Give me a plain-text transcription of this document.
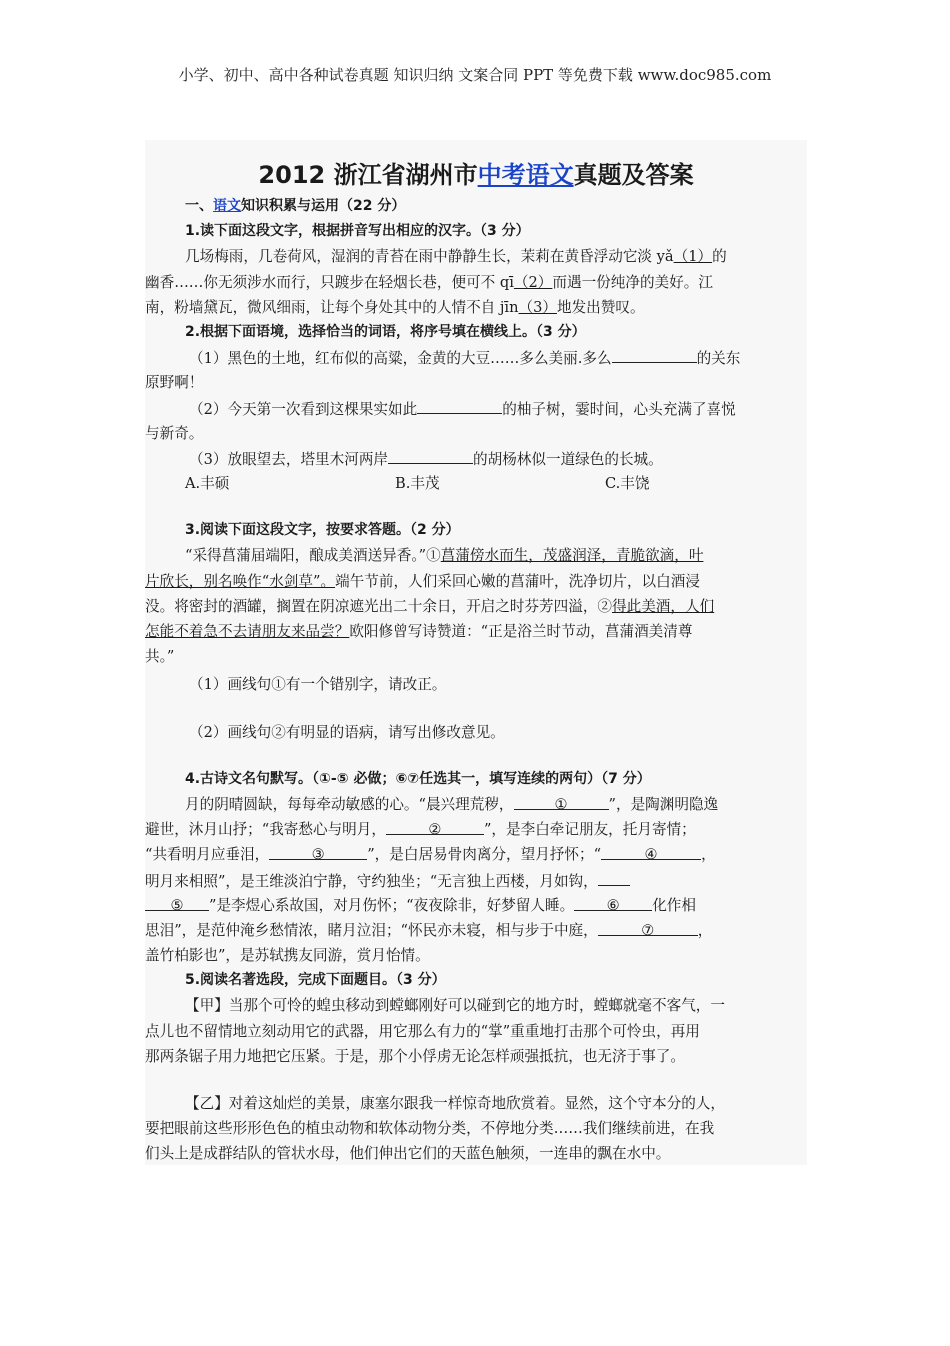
小学、初中、高中各种试卷真题 知识归纳 文案合同 PPT 等免费下载 www.doc985.com
2012 浙江省湖州市中考语文真题及答案
一、语文知识积累与运用（22 分）
1.读下面这段文字，根据拼音写出相应的汉字。（3 分）
几场梅雨，几卷荷风，湿润的青苔在雨中静静生长，茉莉在黄昏浮动它淡 yǎ（1）的
幽香……你无须涉水而行，只踱步在轻烟长巷，便可不 qī（2）而遇一份纯净的美好。江
南，粉墙黛瓦，微风细雨，让每个身处其中的人情不自 jīn（3）地发出赞叹。
2.根据下面语境，选择恰当的词语，将序号填在横线上。（3 分）
（1）黑色的土地，红布似的高粱，金黄的大豆……多么美丽.多么	的关东
原野啊！
（2）今天第一次看到这棵果实如此	的柚子树，霎时间，心头充满了喜悦
与新奇。
（3）放眼望去，塔里木河两岸	的胡杨林似一道绿色的长城。
A.丰硕	B.丰茂	C.丰饶
3.阅读下面这段文字，按要求答题。（2 分）
“采得菖蒲届端阳，酿成美酒送异香。”①菖蒲傍水而生，茂盛润泽，青脆欲滴，叶
片欣长，别名唤作“水剑草”。端午节前，人们采回心嫩的菖蒲叶，洗净切片，以白酒浸
没。将密封的酒罐，搁置在阴凉遮光出二十余日，开启之时芬芳四溢，②得此美酒，人们
怎能不着急不去请朋友来品尝？欧阳修曾写诗赞道：“正是浴兰时节动，菖蒲酒美清尊
共。”
（1）画线句①有一个错别字，请改正。
（2）画线句②有明显的语病，请写出修改意见。
4.古诗文名句默写。（①-⑤ 必做；⑥⑦任选其一，填写连续的两句）（7 分）
月的阴晴圆缺，每每牵动敏感的心。“晨兴理荒秽，	①	”，是陶渊明隐逸
避世，沐月山抒；“我寄愁心与明月，	②	”，是李白牵记朋友，托月寄情；
“共看明月应垂泪，	③	”，是白居易骨肉离分，望月抒怀；“	④	，
明月来相照”，是王维淡泊宁静，守约独坐；“无言独上西楼，月如钩，
⑤ ”是李煜心系故国，对月伤怀；“夜夜除非，好梦留人睡。 ⑥ 化作相
思泪”，是范仲淹乡愁情浓，睹月泣泪；“怀民亦未寝，相与步于中庭，	⑦	，
盖竹柏影也”，是苏轼携友同游，赏月怡情。
5.阅读名著选段，完成下面题目。（3 分）
【甲】当那个可怜的蝗虫移动到螳螂刚好可以碰到它的地方时，螳螂就毫不客气，一
点儿也不留情地立刻动用它的武器，用它那么有力的“掌”重重地打击那个可怜虫，再用
那两条锯子用力地把它压紧。于是，那个小俘虏无论怎样顽强抵抗，也无济于事了。
【乙】对着这灿烂的美景，康塞尔跟我一样惊奇地欣赏着。显然，这个守本分的人，
要把眼前这些形形色色的植虫动物和软体动物分类，不停地分类……我们继续前进，在我
们头上是成群结队的管状水母，他们伸出它们的天蓝色触须，一连串的飘在水中。
